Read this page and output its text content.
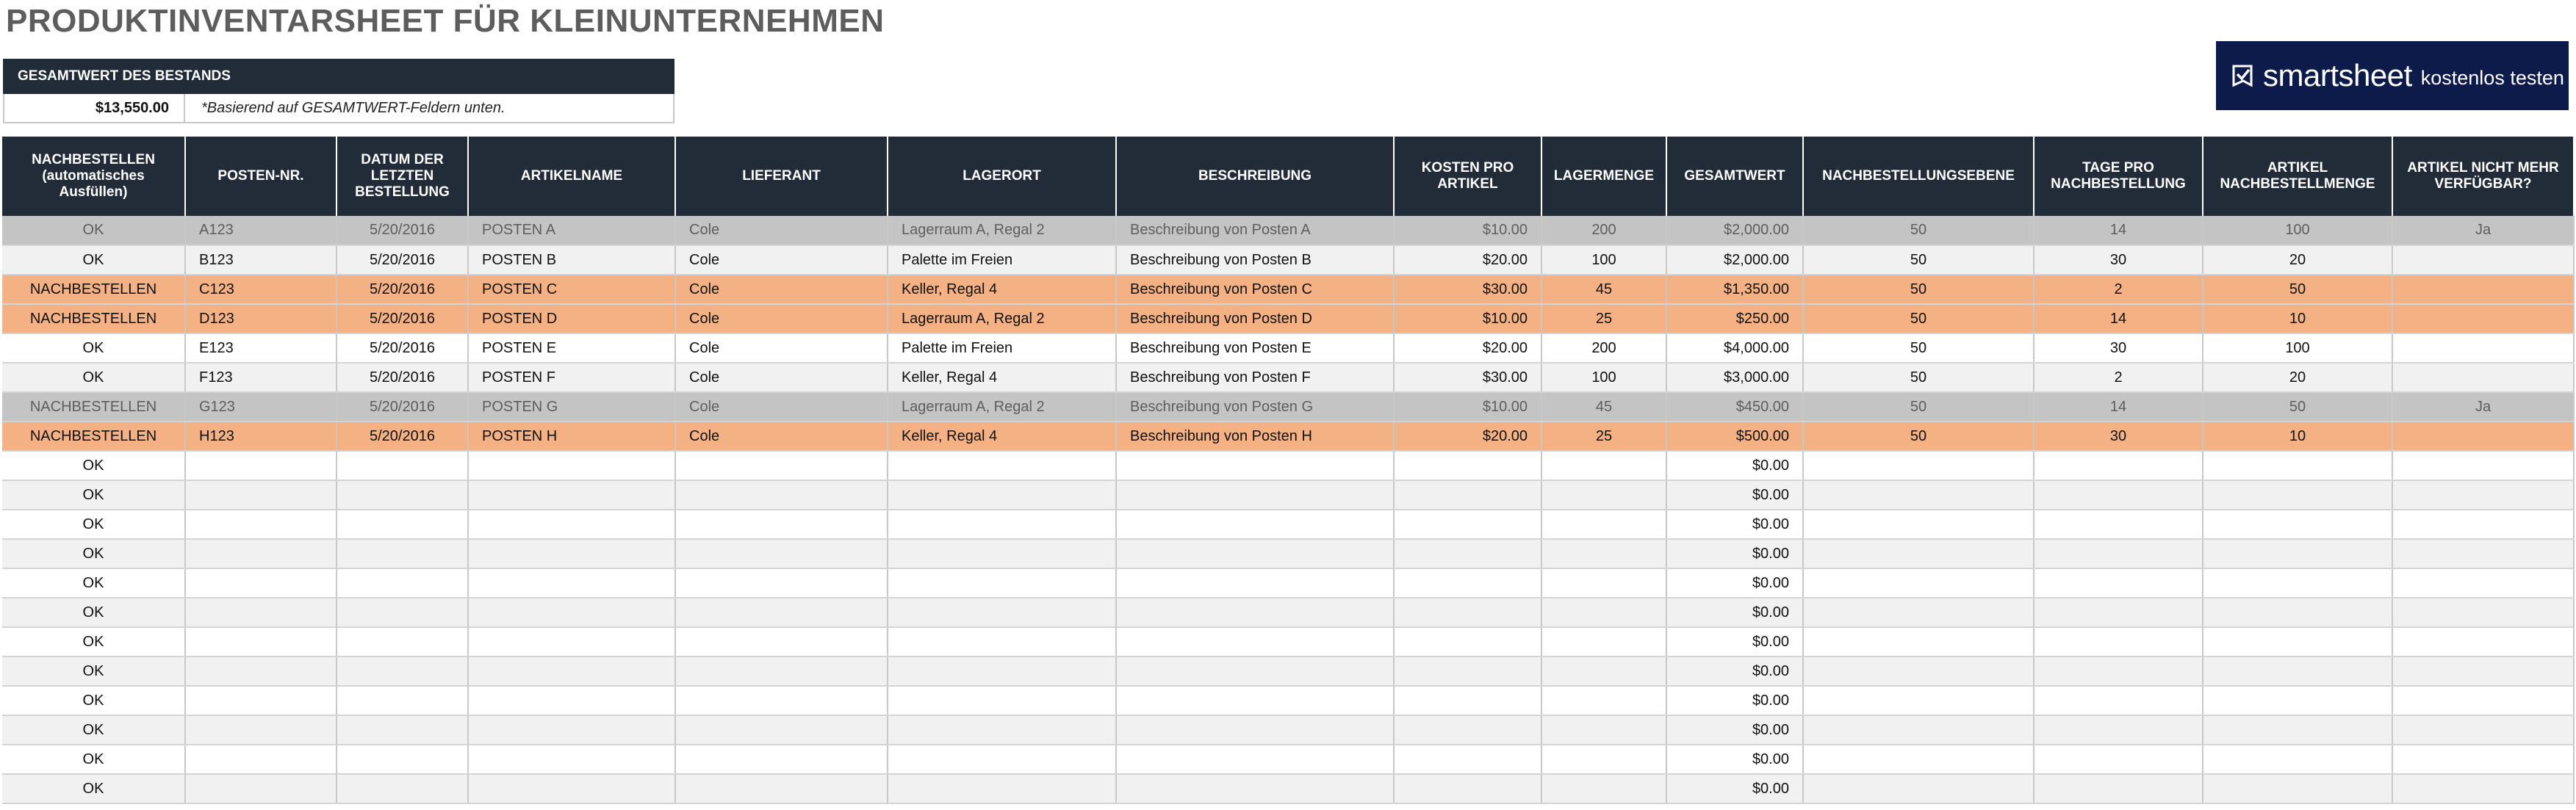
PRODUKTINVENTARSHEET FÜR KLEINUNTERNEHMEN
GESAMTWERT DES BESTANDS
$13,550.00	*Basierend auf GESAMTWERT-Feldern unten.
smartsheet kostenlos testen
NACHBESTELLEN
(automatisches Ausfüllen)	POSTEN-NR.	DATUM DER LETZTEN BESTELLUNG	ARTIKELNAME	LIEFERANT	LAGERORT	BESCHREIBUNG	KOSTEN PRO ARTIKEL	LAGERMENGE	GESAMTWERT	NACHBESTELLUNGSEBENE	TAGE PRO NACHBESTELLUNG	ARTIKEL NACHBESTELLMENGE	ARTIKEL NICHT MEHR VERFÜGBAR?
OK	A123	5/20/2016	POSTEN A	Cole	Lagerraum A, Regal 2	Beschreibung von Posten A	$10.00	200	$2,000.00	50	14	100	Ja
OK	B123	5/20/2016	POSTEN B	Cole	Palette im Freien	Beschreibung von Posten B	$20.00	100	$2,000.00	50	30	20	
NACHBESTELLEN	C123	5/20/2016	POSTEN C	Cole	Keller, Regal 4	Beschreibung von Posten C	$30.00	45	$1,350.00	50	2	50	
NACHBESTELLEN	D123	5/20/2016	POSTEN D	Cole	Lagerraum A, Regal 2	Beschreibung von Posten D	$10.00	25	$250.00	50	14	10	
OK	E123	5/20/2016	POSTEN E	Cole	Palette im Freien	Beschreibung von Posten E	$20.00	200	$4,000.00	50	30	100	
OK	F123	5/20/2016	POSTEN F	Cole	Keller, Regal 4	Beschreibung von Posten F	$30.00	100	$3,000.00	50	2	20	
NACHBESTELLEN	G123	5/20/2016	POSTEN G	Cole	Lagerraum A, Regal 2	Beschreibung von Posten G	$10.00	45	$450.00	50	14	50	Ja
NACHBESTELLEN	H123	5/20/2016	POSTEN H	Cole	Keller, Regal 4	Beschreibung von Posten H	$20.00	25	$500.00	50	30	10	
OK									$0.00				
OK									$0.00				
OK									$0.00				
OK									$0.00				
OK									$0.00				
OK									$0.00				
OK									$0.00				
OK									$0.00				
OK									$0.00				
OK									$0.00				
OK									$0.00				
OK									$0.00				
